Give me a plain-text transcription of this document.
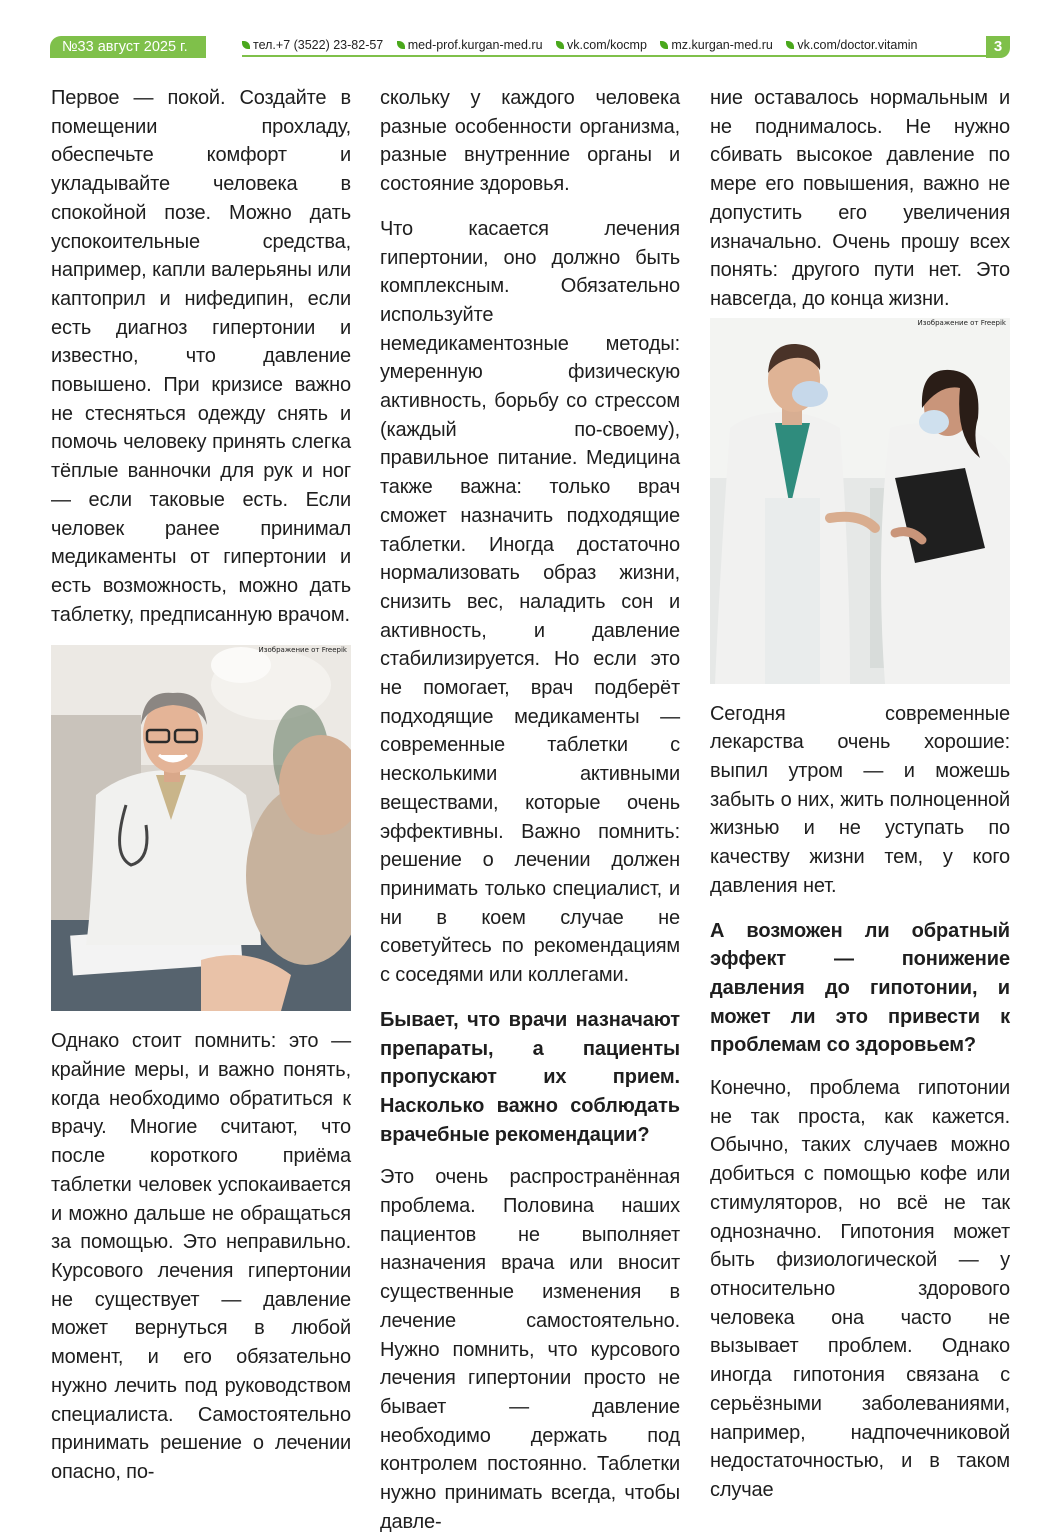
№33 август 2025 г.	тел.+7 (3522) 23-82-57 med-prof.kurgan-med.ru vk.com/kocmp mz.kurgan-med.ru vk.com/doctor.vitamin	3

Первое — покой. Создайте в помещении прохладу, обеспечьте комфорт и укладывайте человека в спокойной позе. Можно дать успокоительные средства, например, капли валерьяны или каптоприл и нифедипин, если есть диагноз гипертонии и известно, что давление повышено. При кризисе важно не стесняться одежду снять и помочь человеку принять слегка тёплые ванночки для рук и ног — если таковые есть. Если человек ранее принимал медикаменты от гипертонии и есть возможность, можно дать таблетку, предписанную врачом.

Изображение от Freepik

Однако стоит помнить: это — крайние меры, и важно понять, когда необходимо обратиться к врачу. Многие считают, что после короткого приёма таблетки человек успокаивается и можно дальше не обращаться за помощью. Это неправильно. Курсового лечения гипертонии не существует — давление может вернуться в любой момент, и его обязательно нужно лечить под руководством специалиста. Самостоятельно принимать решение о лечении опасно, по-

скольку у каждого человека разные особенности организма, разные внутренние органы и состояние здоровья.

Что касается лечения гипертонии, оно должно быть комплексным. Обязательно используйте немедикаментозные методы: умеренную физическую активность, борьбу со стрессом (каждый по-своему), правильное питание. Медицина также важна: только врач сможет назначить подходящие таблетки. Иногда достаточно нормализовать образ жизни, снизить вес, наладить сон и активность, и давление стабилизируется. Но если это не помогает, врач подберёт подходящие медикаменты — современные таблетки с несколькими активными веществами, которые очень эффективны. Важно помнить: решение о лечении должен принимать только специалист, и ни в коем случае не советуйтесь по рекомендациям с соседями или коллегами.

Бывает, что врачи назначают препараты, а пациенты пропускают их прием. Насколько важно соблюдать врачебные рекомендации?

Это очень распространённая проблема. Половина наших пациентов не выполняет назначения врача или вносит существенные изменения в лечение самостоятельно. Нужно помнить, что курсового лечения гипертонии просто не бывает — давление необходимо держать под контролем постоянно. Таблетки нужно принимать всегда, чтобы давле-

ние оставалось нормальным и не поднималось. Не нужно сбивать высокое давление по мере его повышения, важно не допустить его увеличения изначально. Очень прошу всех понять: другого пути нет. Это навсегда, до конца жизни.

Изображение от Freepik

Сегодня современные лекарства очень хорошие: выпил утром — и можешь забыть о них, жить полноценной жизнью и не уступать по качеству жизни тем, у кого давления нет.

А возможен ли обратный эффект — понижение давления до гипотонии, и может ли это привести к проблемам со здоровьем?

Конечно, проблема гипотонии не так проста, как кажется. Обычно, таких случаев можно добиться с помощью кофе или стимуляторов, но всё не так однозначно. Гипотония может быть физиологической — у относительно здорового человека она часто не вызывает проблем. Однако иногда гипотония связана с серьёзными заболеваниями, например, надпочечниковой недостаточностью, и в таком случае
